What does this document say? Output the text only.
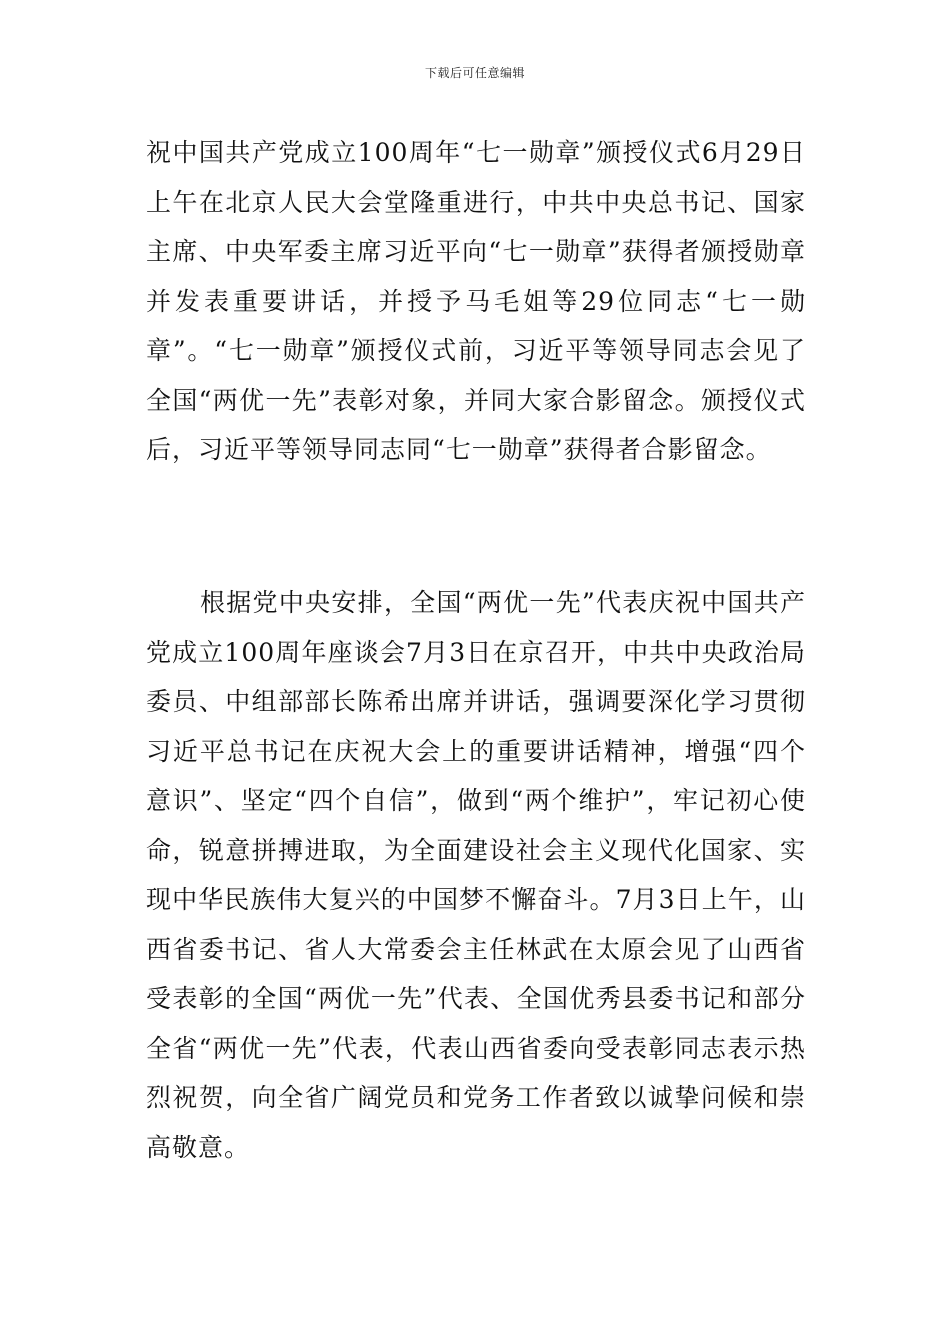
下载后可任意编辑

祝中国共产党成立100周年“七一勋章”颁授仪式6月29日上午在北京人民大会堂隆重进行，中共中央总书记、国家主席、中央军委主席习近平向“七一勋章”获得者颁授勋章并发表重要讲话，并授予马毛姐等29位同志“七一勋章”。“七一勋章”颁授仪式前，习近平等领导同志会见了全国“两优一先”表彰对象，并同大家合影留念。颁授仪式后，习近平等领导同志同“七一勋章”获得者合影留念。

根据党中央安排，全国“两优一先”代表庆祝中国共产党成立100周年座谈会7月3日在京召开，中共中央政治局委员、中组部部长陈希出席并讲话，强调要深化学习贯彻习近平总书记在庆祝大会上的重要讲话精神，增强“四个意识”、坚定“四个自信”，做到“两个维护”，牢记初心使命，锐意拼搏进取，为全面建设社会主义现代化国家、实现中华民族伟大复兴的中国梦不懈奋斗。7月3日上午，山西省委书记、省人大常委会主任林武在太原会见了山西省受表彰的全国“两优一先”代表、全国优秀县委书记和部分全省“两优一先”代表，代表山西省委向受表彰同志表示热烈祝贺，向全省广阔党员和党务工作者致以诚挚问候和崇高敬意。
